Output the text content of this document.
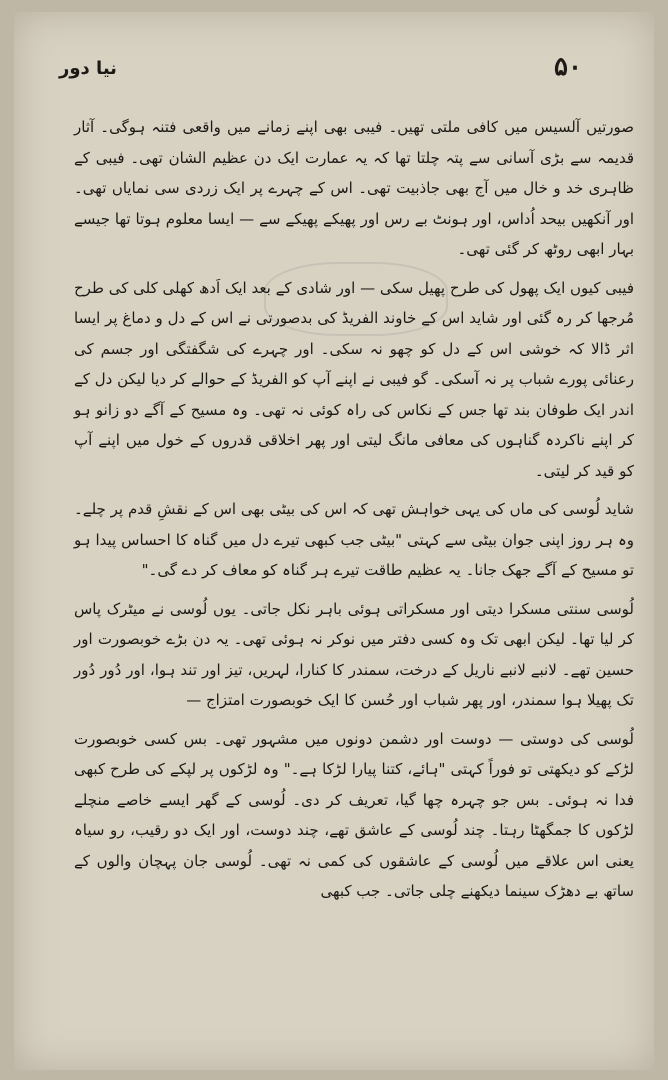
۵۰
نیا دور

صورتیں آلسیس میں کافی ملتی تھیں۔ فیبی بھی اپنے زمانے میں واقعی فتنہ ہوگی۔ آثار قدیمہ سے بڑی آسانی سے پتہ چلتا تھا کہ یہ عمارت ایک دن عظیم الشان تھی۔ فیبی کے ظاہری خد و خال میں آج بھی جاذبیت تھی۔ اس کے چہرے پر ایک زردی سی نمایاں تھی۔ اور آنکھیں بیحد اُداس، اور ہونٹ بے رس اور پھیکے پھیکے سے — ایسا معلوم ہوتا تھا جیسے بہار ابھی روٹھ کر گئی تھی۔

فیبی کیوں ایک پھول کی طرح پھیل سکی — اور شادی کے بعد ایک اَدھ کھلی کلی کی طرح مُرجھا کر رہ گئی اور شاید اس کے خاوند الفریڈ کی بدصورتی نے اس کے دل و دماغ پر ایسا اثر ڈالا کہ خوشی اس کے دل کو چھو نہ سکی۔ اور چہرے کی شگفتگی اور جسم کی رعنائی پورے شباب پر نہ آسکی۔ گو فیبی نے اپنے آپ کو الفریڈ کے حوالے کر دیا لیکن دل کے اندر ایک طوفان بند تھا جس کے نکاس کی راہ کوئی نہ تھی۔ وہ مسیح کے آگے دو زانو ہو کر اپنے ناکردہ گناہوں کی معافی مانگ لیتی اور پھر اخلاقی قدروں کے خول میں اپنے آپ کو قید کر لیتی۔

شاید لُوسی کی ماں کی یہی خواہش تھی کہ اس کی بیٹی بھی اس کے نقشِ قدم پر چلے۔ وہ ہر روز اپنی جوان بیٹی سے کہتی "بیٹی جب کبھی تیرے دل میں گناہ کا احساس پیدا ہو تو مسیح کے آگے جھک جانا۔ یہ عظیم طاقت تیرے ہر گناہ کو معاف کر دے گی۔"

لُوسی سنتی مسکرا دیتی اور مسکراتی ہوئی باہر نکل جاتی۔ یوں لُوسی نے میٹرک پاس کر لیا تھا۔ لیکن ابھی تک وہ کسی دفتر میں نوکر نہ ہوئی تھی۔ یہ دن بڑے خوبصورت اور حسین تھے۔ لانبے لانبے ناریل کے درخت، سمندر کا کنارا، لہریں، تیز اور تند ہوا، اور دُور دُور تک پھیلا ہوا سمندر، اور پھر شباب اور حُسن کا ایک خوبصورت امتزاج —

لُوسی کی دوستی — دوست اور دشمن دونوں میں مشہور تھی۔ بس کسی خوبصورت لڑکے کو دیکھتی تو فوراً کہتی "ہائے، کتنا پیارا لڑکا ہے۔" وہ لڑکوں پر لپکے کی طرح کبھی فدا نہ ہوئی۔ بس جو چہرہ چھا گیا، تعریف کر دی۔ لُوسی کے گھر ایسے خاصے منچلے لڑکوں کا جمگھٹا رہتا۔ چند لُوسی کے عاشق تھے، چند دوست، اور ایک دو رقیب، رو سیاہ یعنی اس علاقے میں لُوسی کے عاشقوں کی کمی نہ تھی۔ لُوسی جان پہچان والوں کے ساتھ بے دھڑک سینما دیکھنے چلی جاتی۔ جب کبھی
